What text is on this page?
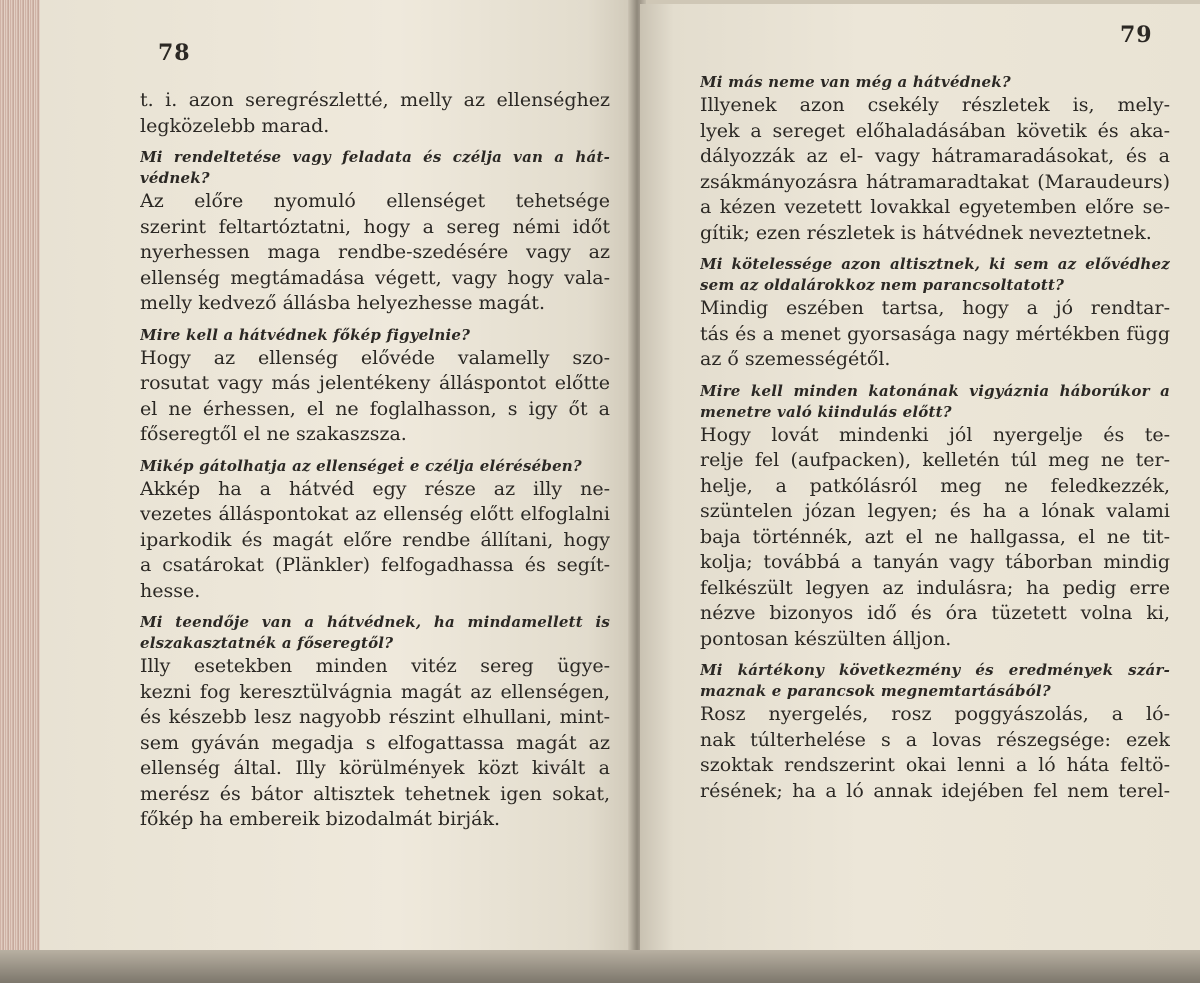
78
t. i. azon seregrészletté, melly az ellenséghez
legközelebb marad.
Mi rendeltetése vagy feladata és czélja van a hát-
védnek?
Az előre nyomuló ellenséget tehetsége
szerint feltartóztatni, hogy a sereg némi időt
nyerhessen maga rendbe-szedésére vagy az
ellenség megtámadása végett, vagy hogy vala-
melly kedvező állásba helyezhesse magát.
Mire kell a hátvédnek főkép figyelnie?
Hogy az ellenség elővéde valamelly szo-
rosutat vagy más jelentékeny álláspontot előtte
el ne érhessen, el ne foglalhasson, s igy őt a
főseregtől el ne szakaszsza.
Mikép gátolhatja az ellenségeṫ e czélja elérésében?
Akkép ha a hátvéd egy része az illy ne-
vezetes álláspontokat az ellenség előtt elfoglalni
iparkodik és magát előre rendbe állítani, hogy
a csatárokat (Plänkler) felfogadhassa és segít-
hesse.
Mi teendője van a hátvédnek, ha mindamellett is
elszakasztatnék a főseregtől?
Illy esetekben minden vitéz sereg ügye-
kezni fog keresztülvágnia magát az ellenségen,
és készebb lesz nagyobb részint elhullani, mint-
sem gyáván megadja s elfogattassa magát az
ellenség által. Illy körülmények közt kivált a
merész és bátor altisztek tehetnek igen sokat,
főkép ha embereik bizodalmát birják.
79
Mi más neme van még a hátvédnek?
Illyenek azon csekély részletek is, mely-
lyek a sereget előhaladásában követik és aka-
dályozzák az el- vagy hátramaradásokat, és a
zsákmányozásra hátramaradtakat (Maraudeurs)
a kézen vezetett lovakkal egyetemben előre se-
gítik; ezen részletek is hátvédnek neveztetnek.
Mi kötelessége azon altisztnek, ki sem az elővédhez
sem az oldalárokkoz nem parancsoltatott?
Mindig eszében tartsa, hogy a jó rendtar-
tás és a menet gyorsasága nagy mértékben függ
az ő szemességétől.
Mire kell minden katonának vigyáznia háborúkor a
menetre való kiindulás előtt?
Hogy lovát mindenki jól nyergelje és te-
relje fel (aufpacken), kelletén túl meg ne ter-
helje, a patkólásról meg ne feledkezzék,
szüntelen józan legyen; és ha a lónak valami
baja történnék, azt el ne hallgassa, el ne tit-
kolja; továbbá a tanyán vagy táborban mindig
felkészült legyen az indulásra; ha pedig erre
nézve bizonyos idő és óra tüzetett volna ki,
pontosan készülten álljon.
Mi kártékony következmény és eredmények szár-
maznak e parancsok megnemtartásából?
Rosz nyergelés, rosz poggyászolás, a ló-
nak túlterhelése s a lovas részegsége: ezek
szoktak rendszerint okai lenni a ló háta feltö-
résének; ha a ló annak idejében fel nem terel-
